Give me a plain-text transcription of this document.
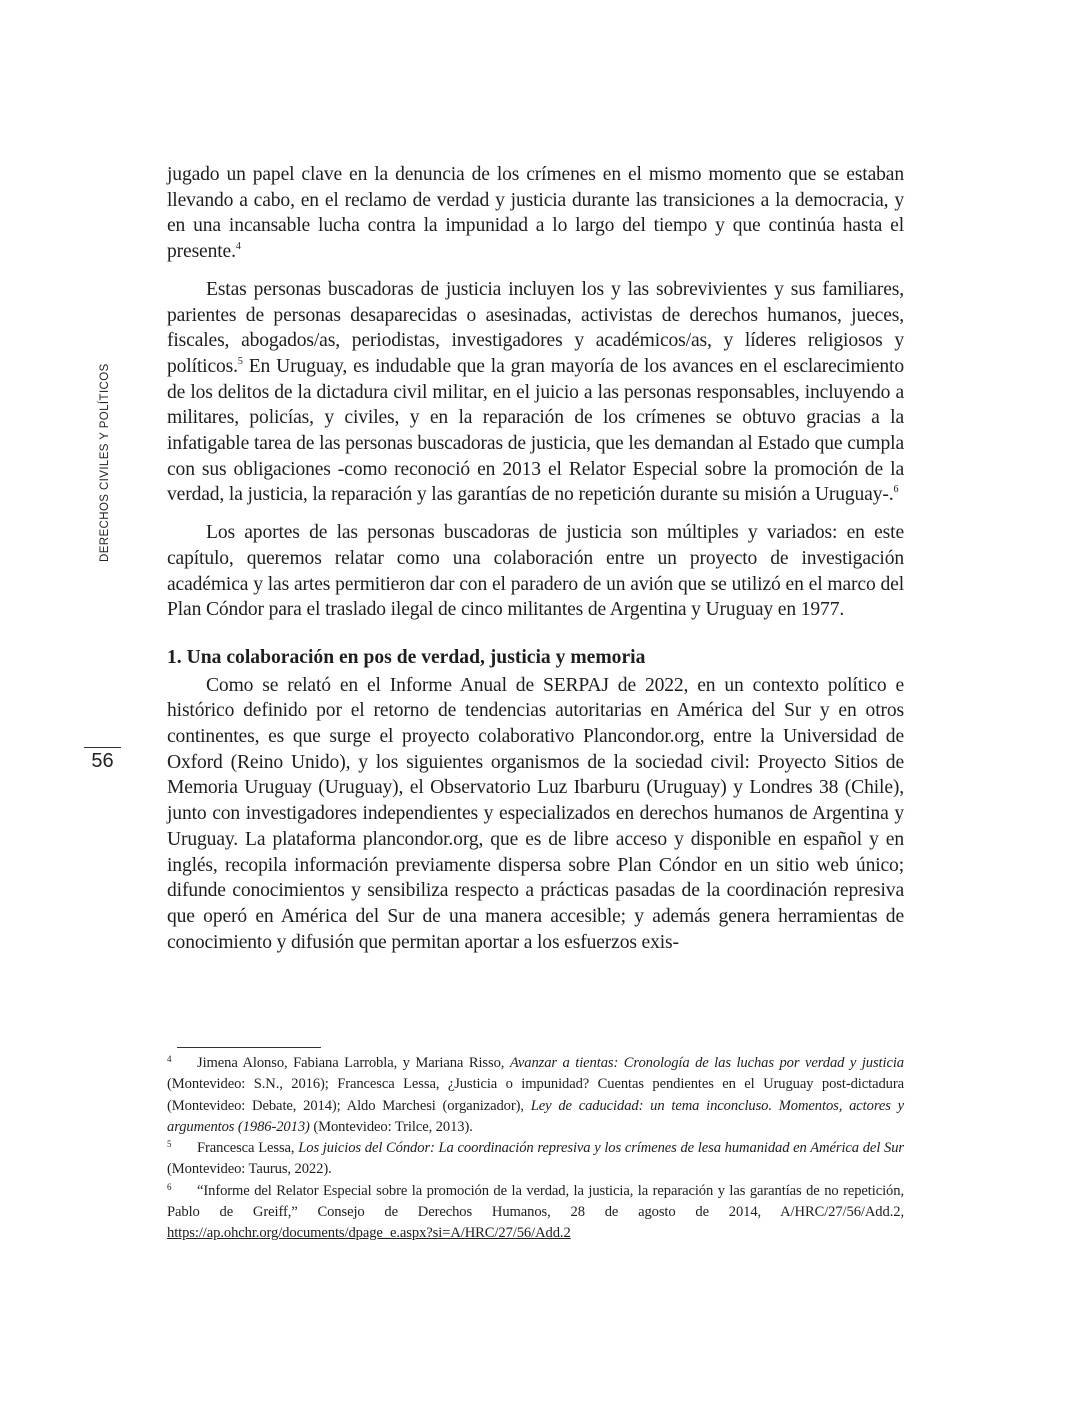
DERECHOS CIVILES Y POLÍTICOS
56

jugado un papel clave en la denuncia de los crímenes en el mismo momento que se estaban llevando a cabo, en el reclamo de verdad y justicia durante las transiciones a la democracia, y en una incansable lucha contra la impunidad a lo largo del tiempo y que continúa hasta el presente.$^4$

Estas personas buscadoras de justicia incluyen los y las sobrevivientes y sus familiares, parientes de personas desaparecidas o asesinadas, activistas de derechos humanos, jueces, fiscales, abogados/as, periodistas, investigadores y académicos/as, y líderes religiosos y políticos.$^5$ En Uruguay, es indudable que la gran mayoría de los avances en el esclarecimiento de los delitos de la dictadura civil militar, en el juicio a las personas responsables, incluyendo a militares, policías, y civiles, y en la reparación de los crímenes se obtuvo gracias a la infatigable tarea de las personas buscadoras de justicia, que les demandan al Estado que cumpla con sus obligaciones -como reconoció en 2013 el Relator Especial sobre la promoción de la verdad, la justicia, la reparación y las garantías de no repetición durante su misión a Uruguay-.$^6$

Los aportes de las personas buscadoras de justicia son múltiples y variados: en este capítulo, queremos relatar como una colaboración entre un proyecto de investigación académica y las artes permitieron dar con el paradero de un avión que se utilizó en el marco del Plan Cóndor para el traslado ilegal de cinco militantes de Argentina y Uruguay en 1977.

1. Una colaboración en pos de verdad, justicia y memoria

Como se relató en el Informe Anual de SERPAJ de 2022, en un contexto político e histórico definido por el retorno de tendencias autoritarias en América del Sur y en otros continentes, es que surge el proyecto colaborativo Plancondor.org, entre la Universidad de Oxford (Reino Unido), y los siguientes organismos de la sociedad civil: Proyecto Sitios de Memoria Uruguay (Uruguay), el Observatorio Luz Ibarburu (Uruguay) y Londres 38 (Chile), junto con investigadores independientes y especializados en derechos humanos de Argentina y Uruguay. La plataforma plancondor.org, que es de libre acceso y disponible en español y en inglés, recopila información previamente dispersa sobre Plan Cóndor en un sitio web único; difunde conocimientos y sensibiliza respecto a prácticas pasadas de la coordinación represiva que operó en América del Sur de una manera accesible; y además genera herramientas de conocimiento y difusión que permitan aportar a los esfuerzos exis-

4 Jimena Alonso, Fabiana Larrobla, y Mariana Risso, Avanzar a tientas: Cronología de las luchas por verdad y justicia (Montevideo: S.N., 2016); Francesca Lessa, ¿Justicia o impunidad? Cuentas pendientes en el Uruguay post-dictadura (Montevideo: Debate, 2014); Aldo Marchesi (organizador), Ley de caducidad: un tema inconcluso. Momentos, actores y argumentos (1986-2013) (Montevideo: Trilce, 2013).

5 Francesca Lessa, Los juicios del Cóndor: La coordinación represiva y los crímenes de lesa humanidad en América del Sur (Montevideo: Taurus, 2022).

6 “Informe del Relator Especial sobre la promoción de la verdad, la justicia, la reparación y las garantías de no repetición, Pablo de Greiff,” Consejo de Derechos Humanos, 28 de agosto de 2014, A/HRC/27/56/Add.2, https://ap.ohchr.org/documents/dpage_e.aspx?si=A/HRC/27/56/Add.2
